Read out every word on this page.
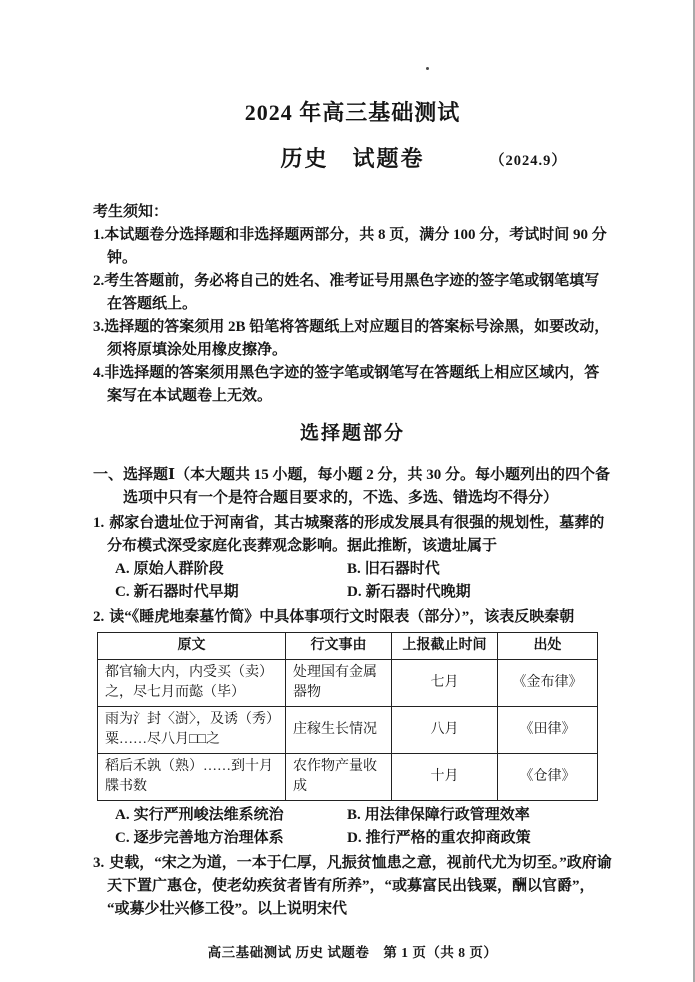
2024 年高三基础测试
历史　试题卷	（2024.9）
考生须知：
1.本试题卷分选择题和非选择题两部分，共 8 页，满分 100 分，考试时间 90 分钟。
2.考生答题前，务必将自己的姓名、准考证号用黑色字迹的签字笔或钢笔填写在答题纸上。
3.选择题的答案须用 2B 铅笔将答题纸上对应题目的答案标号涂黑，如要改动，须将原填涂处用橡皮擦净。
4.非选择题的答案须用黑色字迹的签字笔或钢笔写在答题纸上相应区域内，答案写在本试题卷上无效。
选择题部分
一、选择题Ⅰ（本大题共 15 小题，每小题 2 分，共 30 分。每小题列出的四个备选项中只有一个是符合题目要求的，不选、多选、错选均不得分）
1. 郝家台遗址位于河南省，其古城聚落的形成发展具有很强的规划性，墓葬的分布模式深受家庭化丧葬观念影响。据此推断，该遗址属于
A. 原始人群阶段	B. 旧石器时代
C. 新石器时代早期	D. 新石器时代晚期
2. 读“《睡虎地秦墓竹简》中具体事项行文时限表（部分）”，该表反映秦朝
原文	行文事由	上报截止时间	出处
都官输大内，内受买（卖）之，尽七月而㦤（毕）	处理国有金属器物	七月	《金布律》
雨为氵封〈澍〉，及诱（秀）粟……尽八月□□之	庄稼生长情况	八月	《田律》
稻后禾孰（熟）……到十月牒书数	农作物产量收成	十月	《仓律》
A. 实行严刑峻法维系统治	B. 用法律保障行政管理效率
C. 逐步完善地方治理体系	D. 推行严格的重农抑商政策
3. 史载，“宋之为道，一本于仁厚，凡振贫恤患之意，视前代尤为切至。”政府谕天下置广惠仓，使老幼疾贫者皆有所养”，“或募富民出钱粟，酬以官爵”，“或募少壮兴修工役”。以上说明宋代
高三基础测试 历史 试题卷　第 1 页（共 8 页）
